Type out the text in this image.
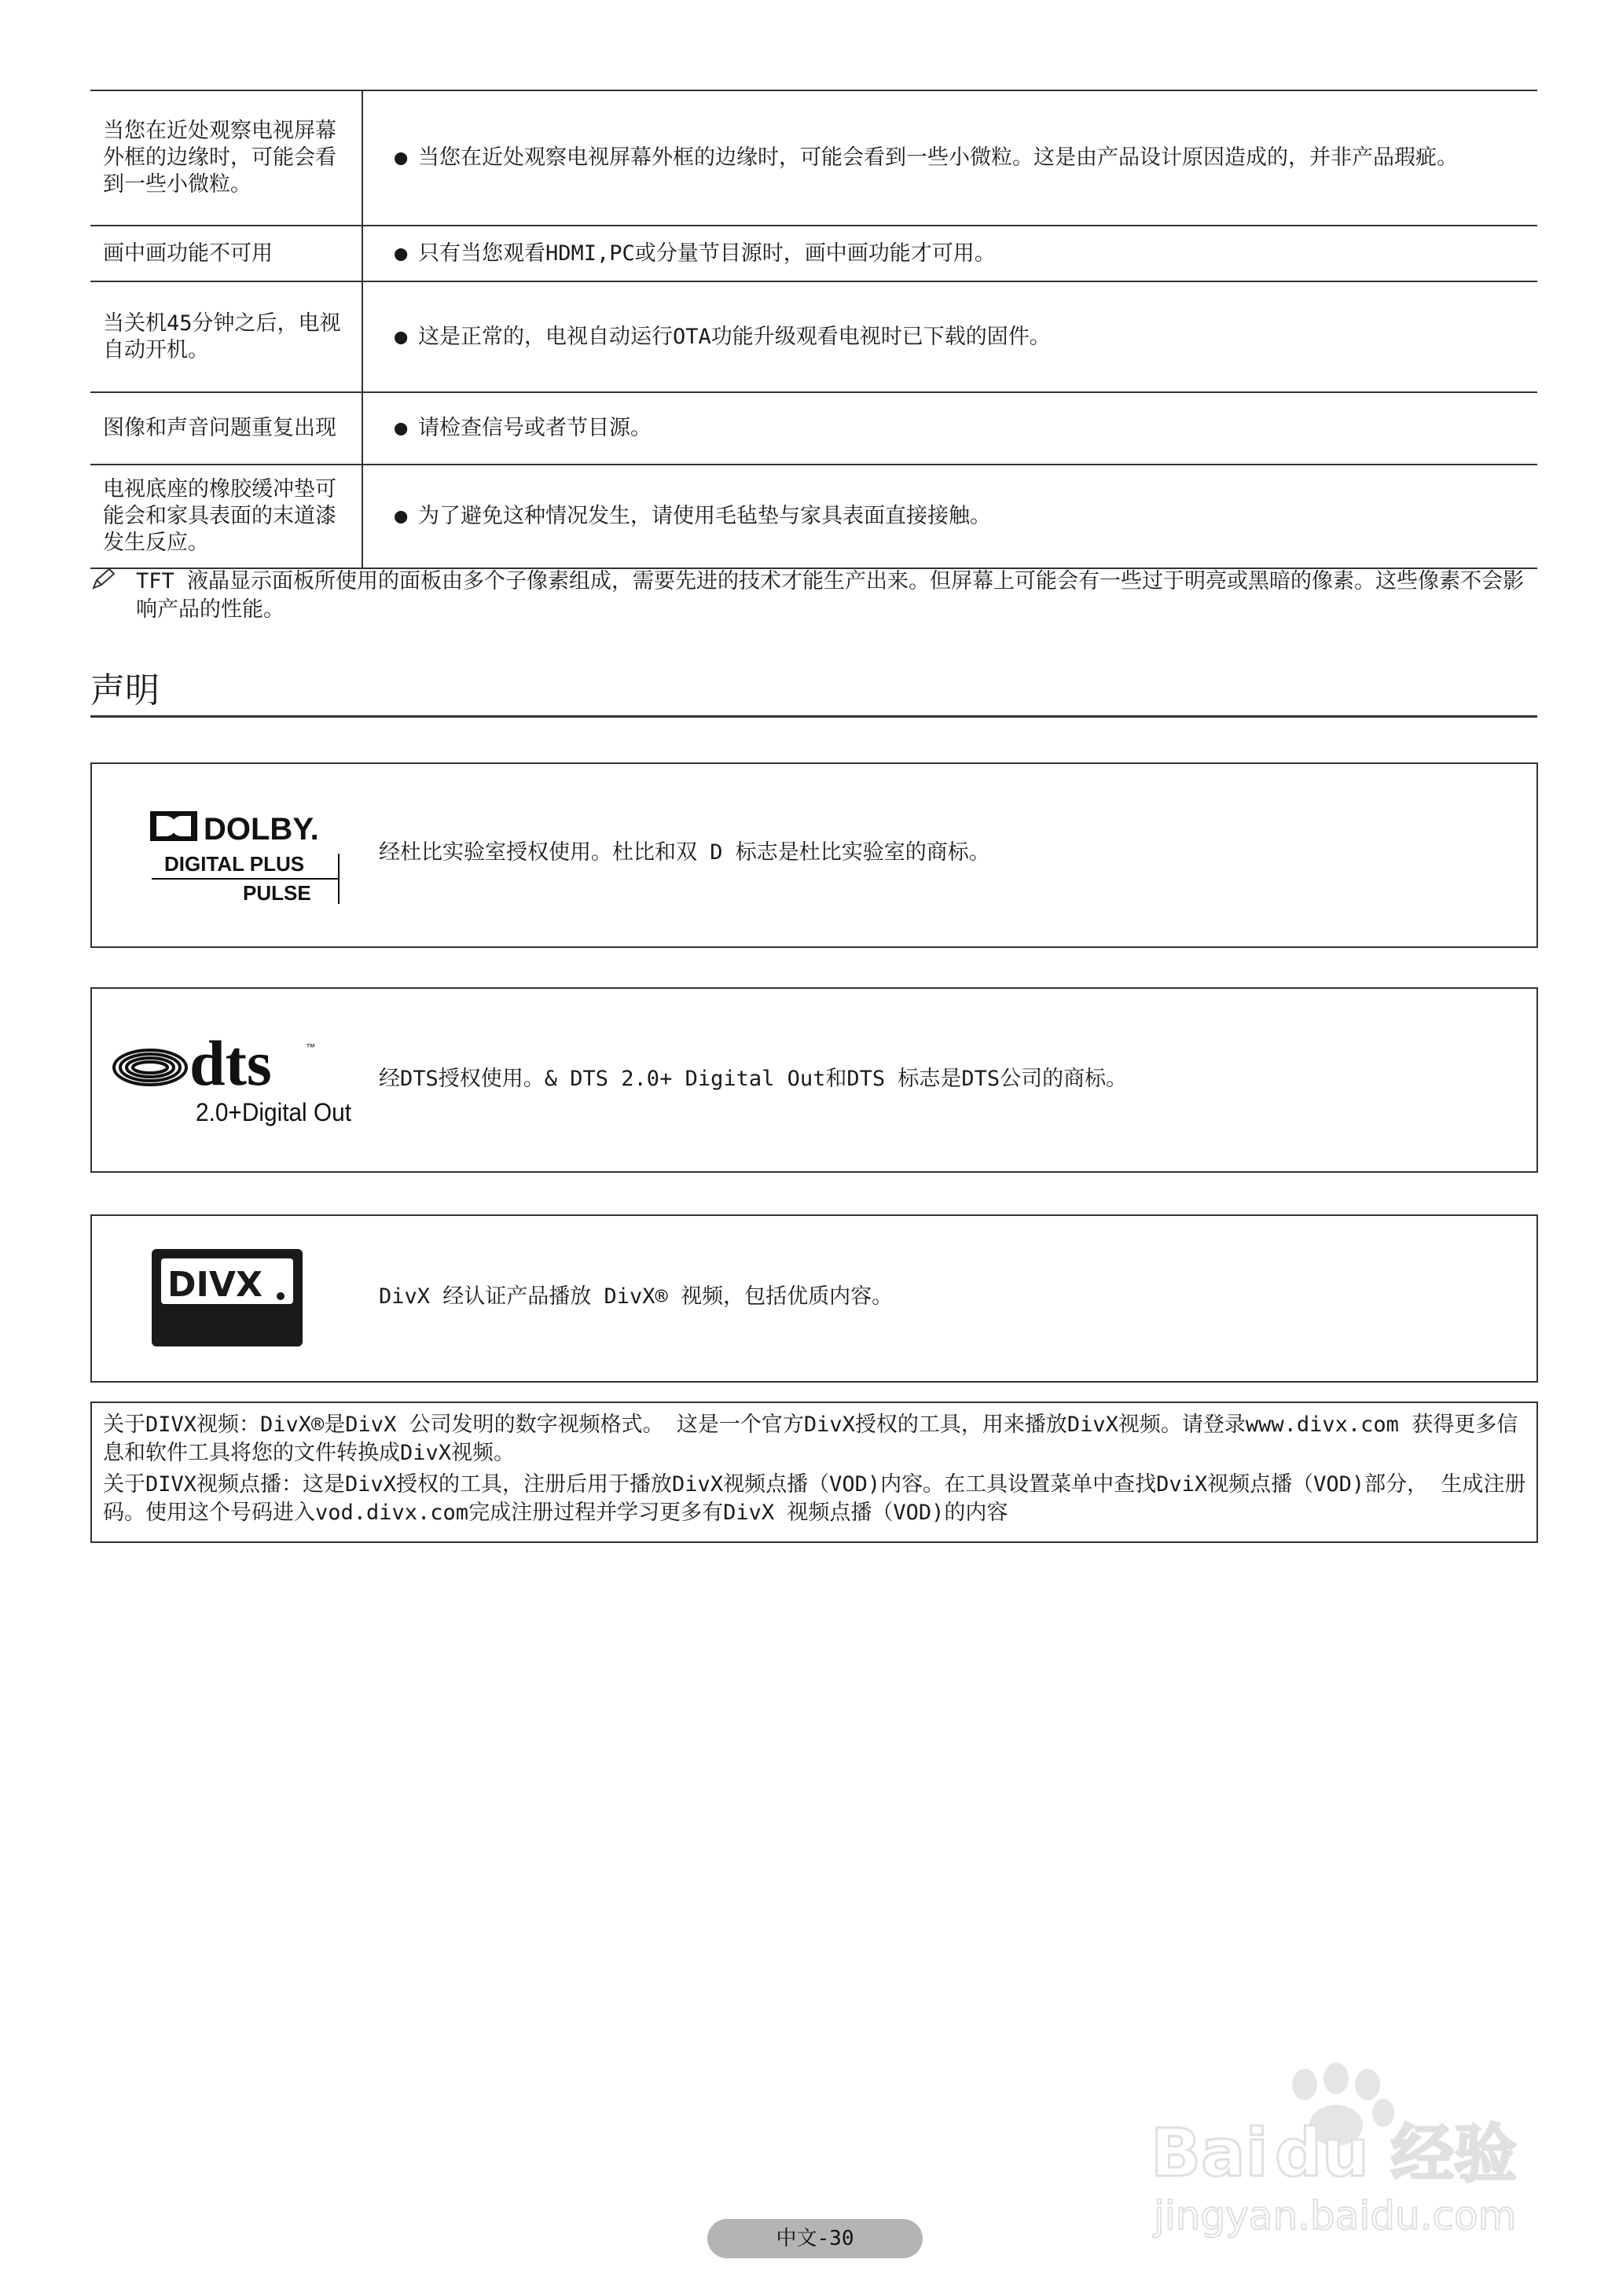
当您在近处观察电视屏幕外框的边缘时，可能会看到一些小微粒。	● 当您在近处观察电视屏幕外框的边缘时，可能会看到一些小微粒。这是由产品设计原因造成的，并非产品瑕疵。
画中画功能不可用	● 只有当您观看HDMI,PC或分量节目源时，画中画功能才可用。
当关机45分钟之后，电视自动开机。	● 这是正常的，电视自动运行OTA功能升级观看电视时已下载的固件。
图像和声音问题重复出现	● 请检查信号或者节目源。
电视底座的橡胶缓冲垫可能会和家具表面的末道漆发生反应。	● 为了避免这种情况发生，请使用毛毡垫与家具表面直接接触。
TFT 液晶显示面板所使用的面板由多个子像素组成，需要先进的技术才能生产出来。但屏幕上可能会有一些过于明亮或黑暗的像素。这些像素不会影响产品的性能。
声明
DOLBY.
DIGITAL PLUS
PULSE
经杜比实验室授权使用。杜比和双 D 标志是杜比实验室的商标。
dts	™
2.0+Digital Out
经DTS授权使用。& DTS 2.0+ Digital Out和DTS 标志是DTS公司的商标。
DIVX	DivX 经认证产品播放 DivX® 视频，包括优质内容。

关于DIVX视频：DivX®是DivX 公司发明的数字视频格式。 这是一个官方DivX授权的工具，用来播放DivX视频。请登录www.divx.com 获得更多信息和软件工具将您的文件转换成DivX视频。

关于DIVX视频点播：这是DivX授权的工具，注册后用于播放DivX视频点播（VOD)内容。在工具设置菜单中查找DviX视频点播（VOD)部分， 生成注册码。使用这个号码进入vod.divx.com完成注册过程并学习更多有DivX 视频点播（VOD)的内容

中文-30
Bai du 经验
jingyan.baidu.com
